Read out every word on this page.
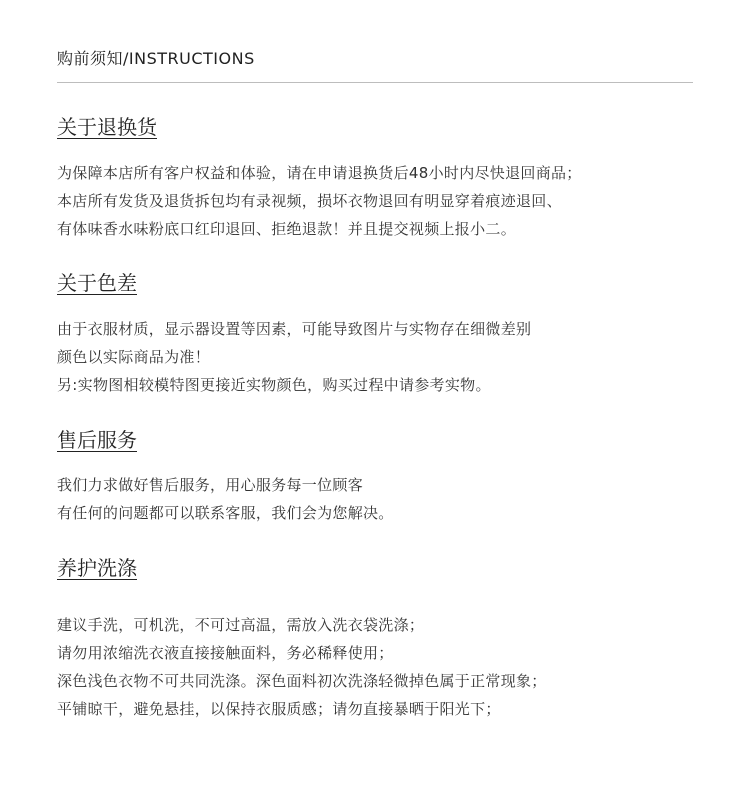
购前须知/INSTRUCTIONS
关于退换货
为保障本店所有客户权益和体验，请在申请退换货后48小时内尽快退回商品；
本店所有发货及退货拆包均有录视频，损坏衣物退回有明显穿着痕迹退回、
有体味香水味粉底口红印退回、拒绝退款！并且提交视频上报小二。
关于色差
由于衣服材质，显示器设置等因素，可能导致图片与实物存在细微差别
颜色以实际商品为准！
另:实物图相较模特图更接近实物颜色，购买过程中请参考实物。
售后服务
我们力求做好售后服务，用心服务每一位顾客
有任何的问题都可以联系客服，我们会为您解决。
养护洗涤
建议手洗，可机洗，不可过高温，需放入洗衣袋洗涤；
请勿用浓缩洗衣液直接接触面料，务必稀释使用；
深色浅色衣物不可共同洗涤。深色面料初次洗涤轻微掉色属于正常现象；
平铺晾干，避免悬挂，以保持衣服质感；请勿直接暴晒于阳光下；
